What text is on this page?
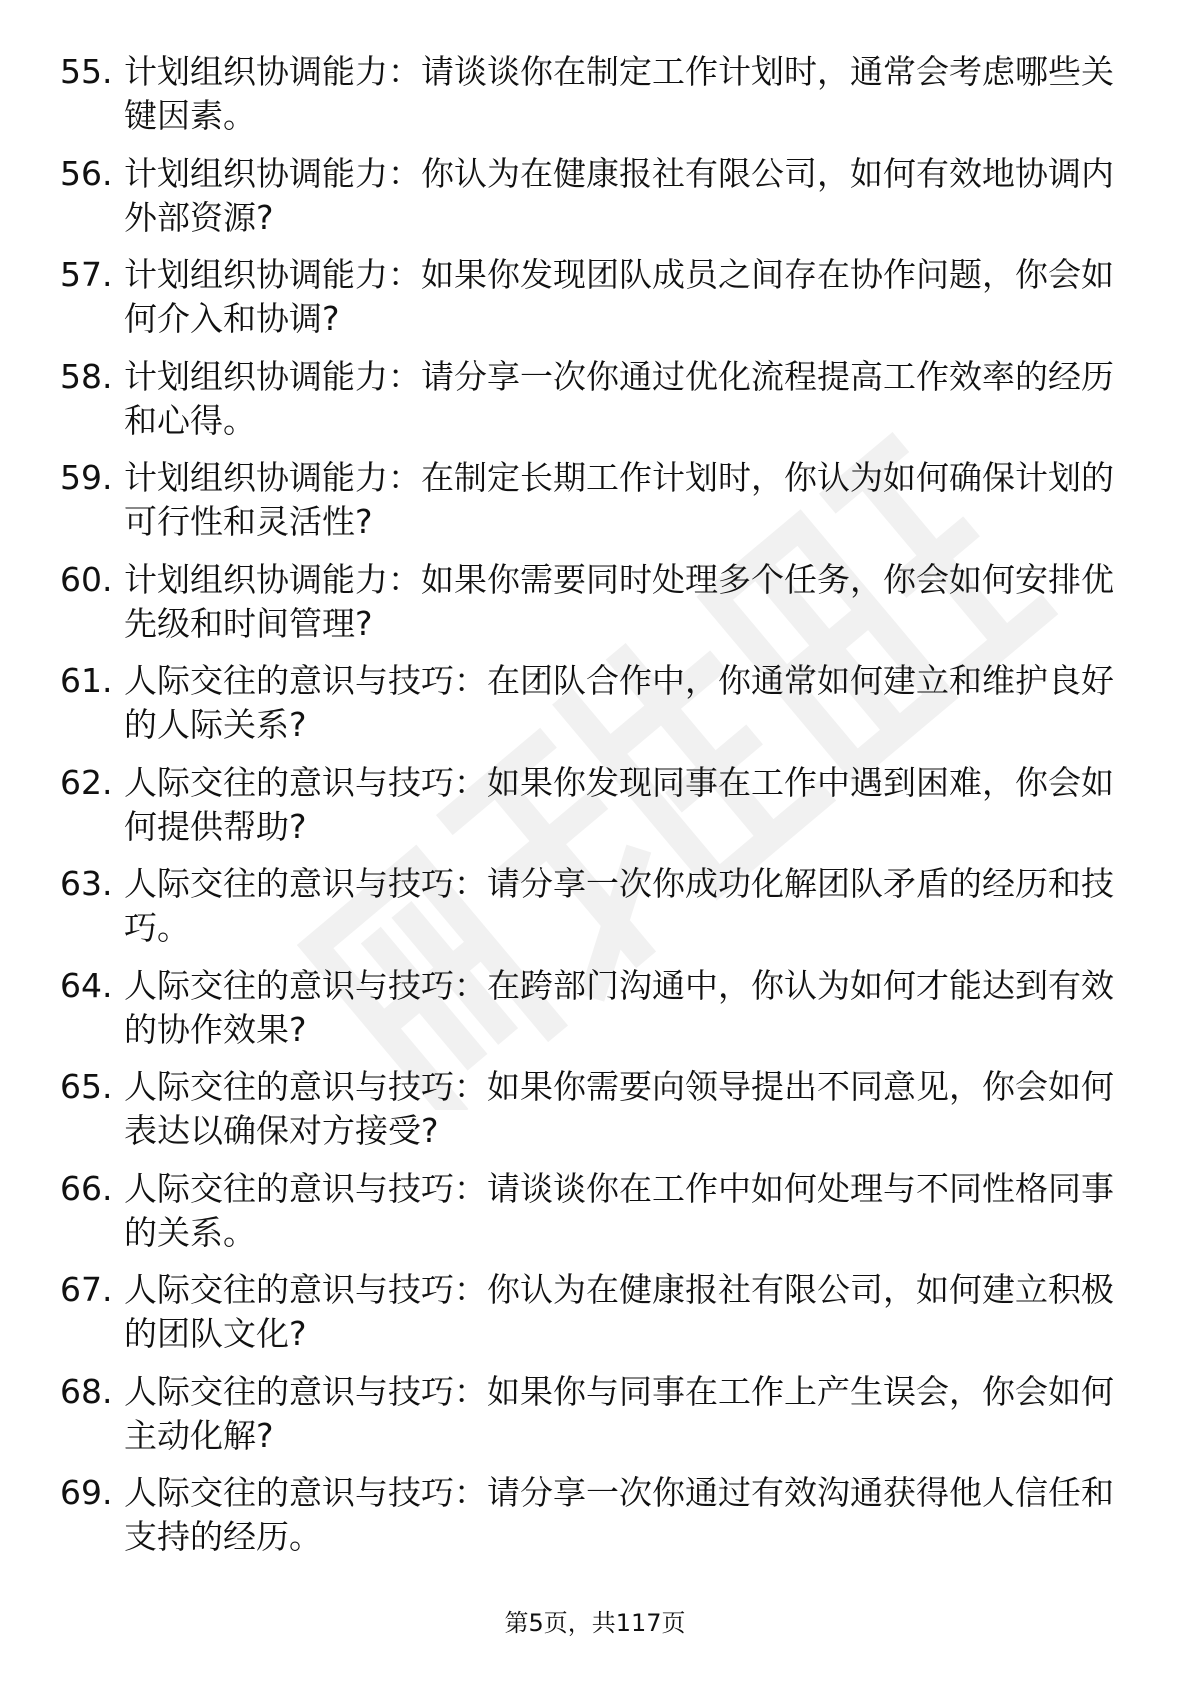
55. 计划组织协调能力：请谈谈你在制定工作计划时，通常会考虑哪些关键因素。
56. 计划组织协调能力：你认为在健康报社有限公司，如何有效地协调内外部资源?
57. 计划组织协调能力：如果你发现团队成员之间存在协作问题，你会如何介入和协调?
58. 计划组织协调能力：请分享一次你通过优化流程提高工作效率的经历和心得。
59. 计划组织协调能力：在制定长期工作计划时，你认为如何确保计划的可行性和灵活性?
60. 计划组织协调能力：如果你需要同时处理多个任务，你会如何安排优先级和时间管理?
61. 人际交往的意识与技巧：在团队合作中，你通常如何建立和维护良好的人际关系?
62. 人际交往的意识与技巧：如果你发现同事在工作中遇到困难，你会如何提供帮助?
63. 人际交往的意识与技巧：请分享一次你成功化解团队矛盾的经历和技巧。
64. 人际交往的意识与技巧：在跨部门沟通中，你认为如何才能达到有效的协作效果?
65. 人际交往的意识与技巧：如果你需要向领导提出不同意见，你会如何表达以确保对方接受?
66. 人际交往的意识与技巧：请谈谈你在工作中如何处理与不同性格同事的关系。
67. 人际交往的意识与技巧：你认为在健康报社有限公司，如何建立积极的团队文化?
68. 人际交往的意识与技巧：如果你与同事在工作上产生误会，你会如何主动化解?
69. 人际交往的意识与技巧：请分享一次你通过有效沟通获得他人信任和支持的经历。
第5页，共117页
